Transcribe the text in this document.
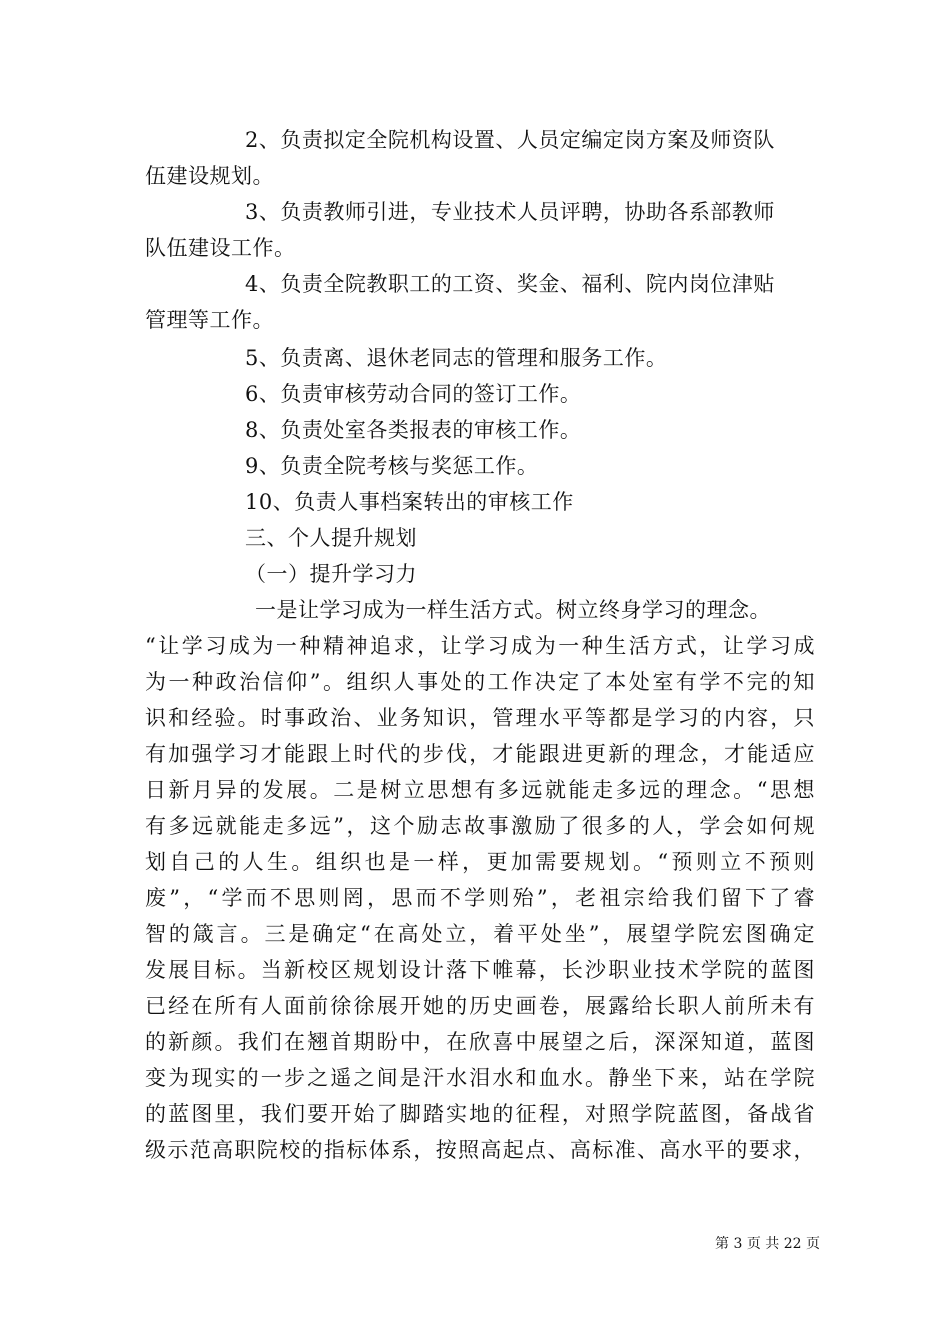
2、负责拟定全院机构设置、人员定编定岗方案及师资队
伍建设规划。
3、负责教师引进，专业技术人员评聘，协助各系部教师
队伍建设工作。
4、负责全院教职工的工资、奖金、福利、院内岗位津贴
管理等工作。
5、负责离、退休老同志的管理和服务工作。
6、负责审核劳动合同的签订工作。
8、负责处室各类报表的审核工作。
9、负责全院考核与奖惩工作。
10、负责人事档案转出的审核工作
三、个人提升规划
（一）提升学习力
一是让学习成为一样生活方式。树立终身学习的理念。
“让学习成为一种精神追求，让学习成为一种生活方式，让学习成
为一种政治信仰”。组织人事处的工作决定了本处室有学不完的知
识和经验。时事政治、业务知识，管理水平等都是学习的内容，只
有加强学习才能跟上时代的步伐，才能跟进更新的理念，才能适应
日新月异的发展。二是树立思想有多远就能走多远的理念。“思想
有多远就能走多远”，这个励志故事激励了很多的人，学会如何规
划自己的人生。组织也是一样，更加需要规划。“预则立不预则
废”，“学而不思则罔，思而不学则殆”，老祖宗给我们留下了睿
智的箴言。三是确定“在高处立，着平处坐”，展望学院宏图确定
发展目标。当新校区规划设计落下帷幕，长沙职业技术学院的蓝图
已经在所有人面前徐徐展开她的历史画卷，展露给长职人前所未有
的新颜。我们在翘首期盼中，在欣喜中展望之后，深深知道，蓝图
变为现实的一步之遥之间是汗水泪水和血水。静坐下来，站在学院
的蓝图里，我们要开始了脚踏实地的征程，对照学院蓝图，备战省
级示范高职院校的指标体系，按照高起点、高标准、高水平的要求，
第 3 页 共 22 页
